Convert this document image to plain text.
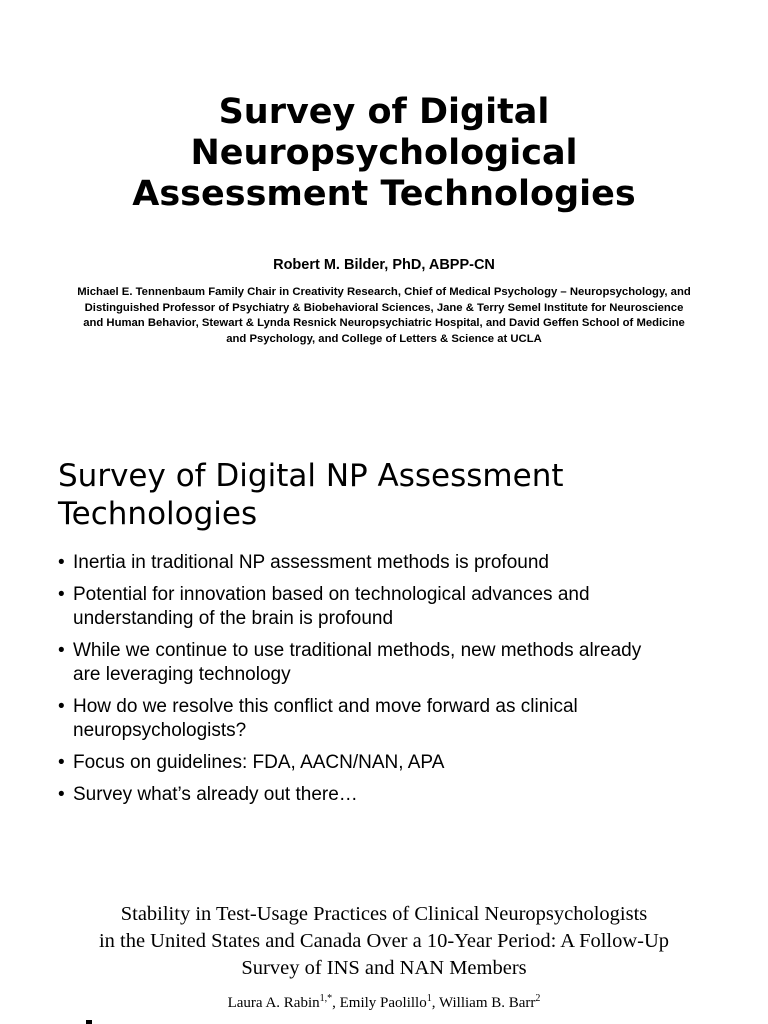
Survey of Digital
Neuropsychological
Assessment Technologies
Robert M. Bilder, PhD, ABPP-CN
Michael E. Tennenbaum Family Chair in Creativity Research, Chief of Medical Psychology – Neuropsychology, and
Distinguished Professor of Psychiatry & Biobehavioral Sciences, Jane & Terry Semel Institute for Neuroscience
and Human Behavior, Stewart & Lynda Resnick Neuropsychiatric Hospital, and David Geffen School of Medicine
and Psychology, and College of Letters & Science at UCLA
Survey of Digital NP Assessment
Technologies
• Inertia in traditional NP assessment methods is profound
• Potential for innovation based on technological advances and
understanding of the brain is profound
• While we continue to use traditional methods, new methods already
are leveraging technology
• How do we resolve this conflict and move forward as clinical
neuropsychologists?
• Focus on guidelines: FDA, AACN/NAN, APA
• Survey what’s already out there…
Stability in Test-Usage Practices of Clinical Neuropsychologists
in the United States and Canada Over a 10-Year Period: A Follow-Up
Survey of INS and NAN Members
Laura A. Rabin$^{1,*}$, Emily Paolillo$^1$, William B. Barr$^2$
